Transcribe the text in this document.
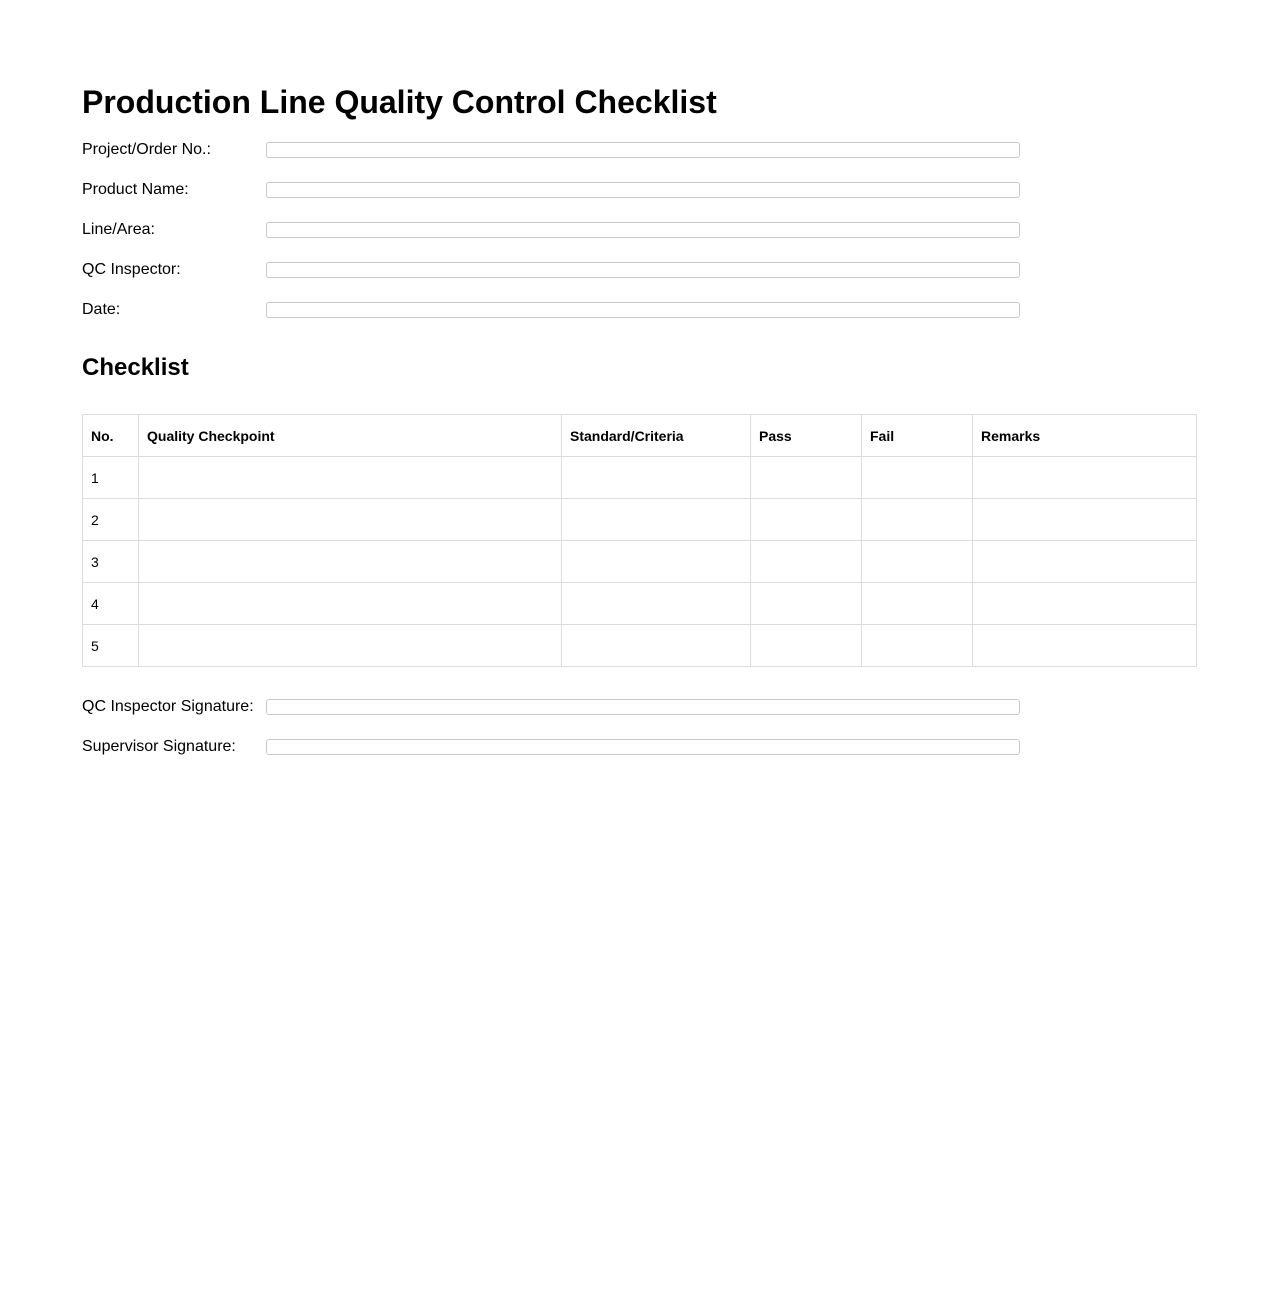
Production Line Quality Control Checklist
Project/Order No.:
Product Name:
Line/Area:
QC Inspector:
Date:
Checklist
No.	Quality Checkpoint	Standard/Criteria	Pass	Fail	Remarks
1					
2					
3					
4					
5					
QC Inspector Signature:
Supervisor Signature:
